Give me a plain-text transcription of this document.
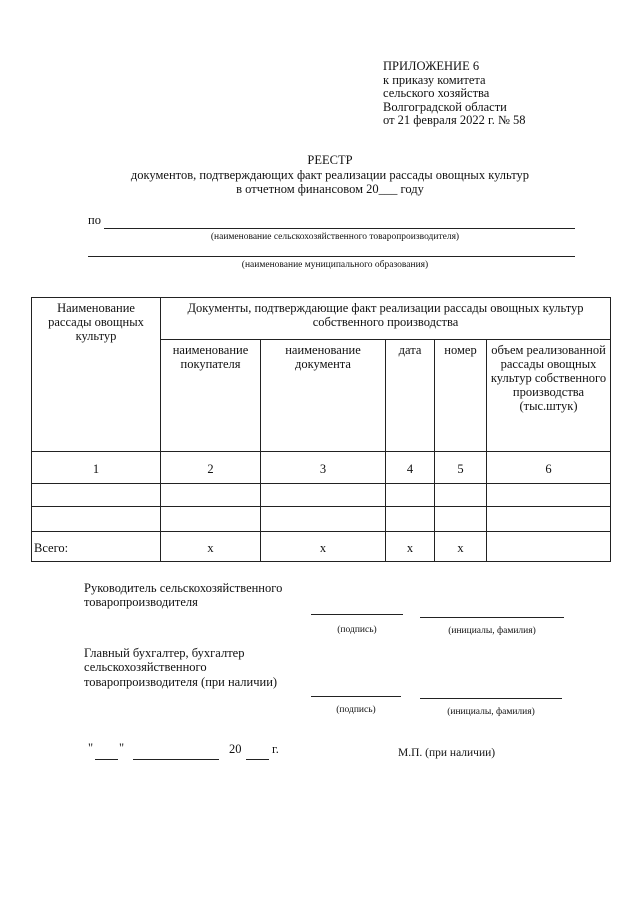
ПРИЛОЖЕНИЕ 6
к приказу комитета
сельского хозяйства
Волгоградской области
от 21 февраля 2022 г. № 58
РЕЕСТР
документов, подтверждающих факт реализации рассады овощных культур
в отчетном финансовом 20___ году
по
(наименование сельскохозяйственного товаропроизводителя)
(наименование муниципального образования)
Наименование рассады овощных культур	Документы, подтверждающие факт реализации рассады овощных культур собственного производства				
	наименование покупателя	наименование документа	дата	номер	объем реализованной рассады овощных культур собственного производства (тыс.штук)
1	2	3	4	5	6

Всего:	x	x	x	x	
Руководитель сельскохозяйственного
товаропроизводителя
(подпись)	(инициалы, фамилия)
Главный бухгалтер, бухгалтер
сельскохозяйственного
товаропроизводителя (при наличии)
(подпись)	(инициалы, фамилия)
" "	20 г.	М.П. (при наличии)
